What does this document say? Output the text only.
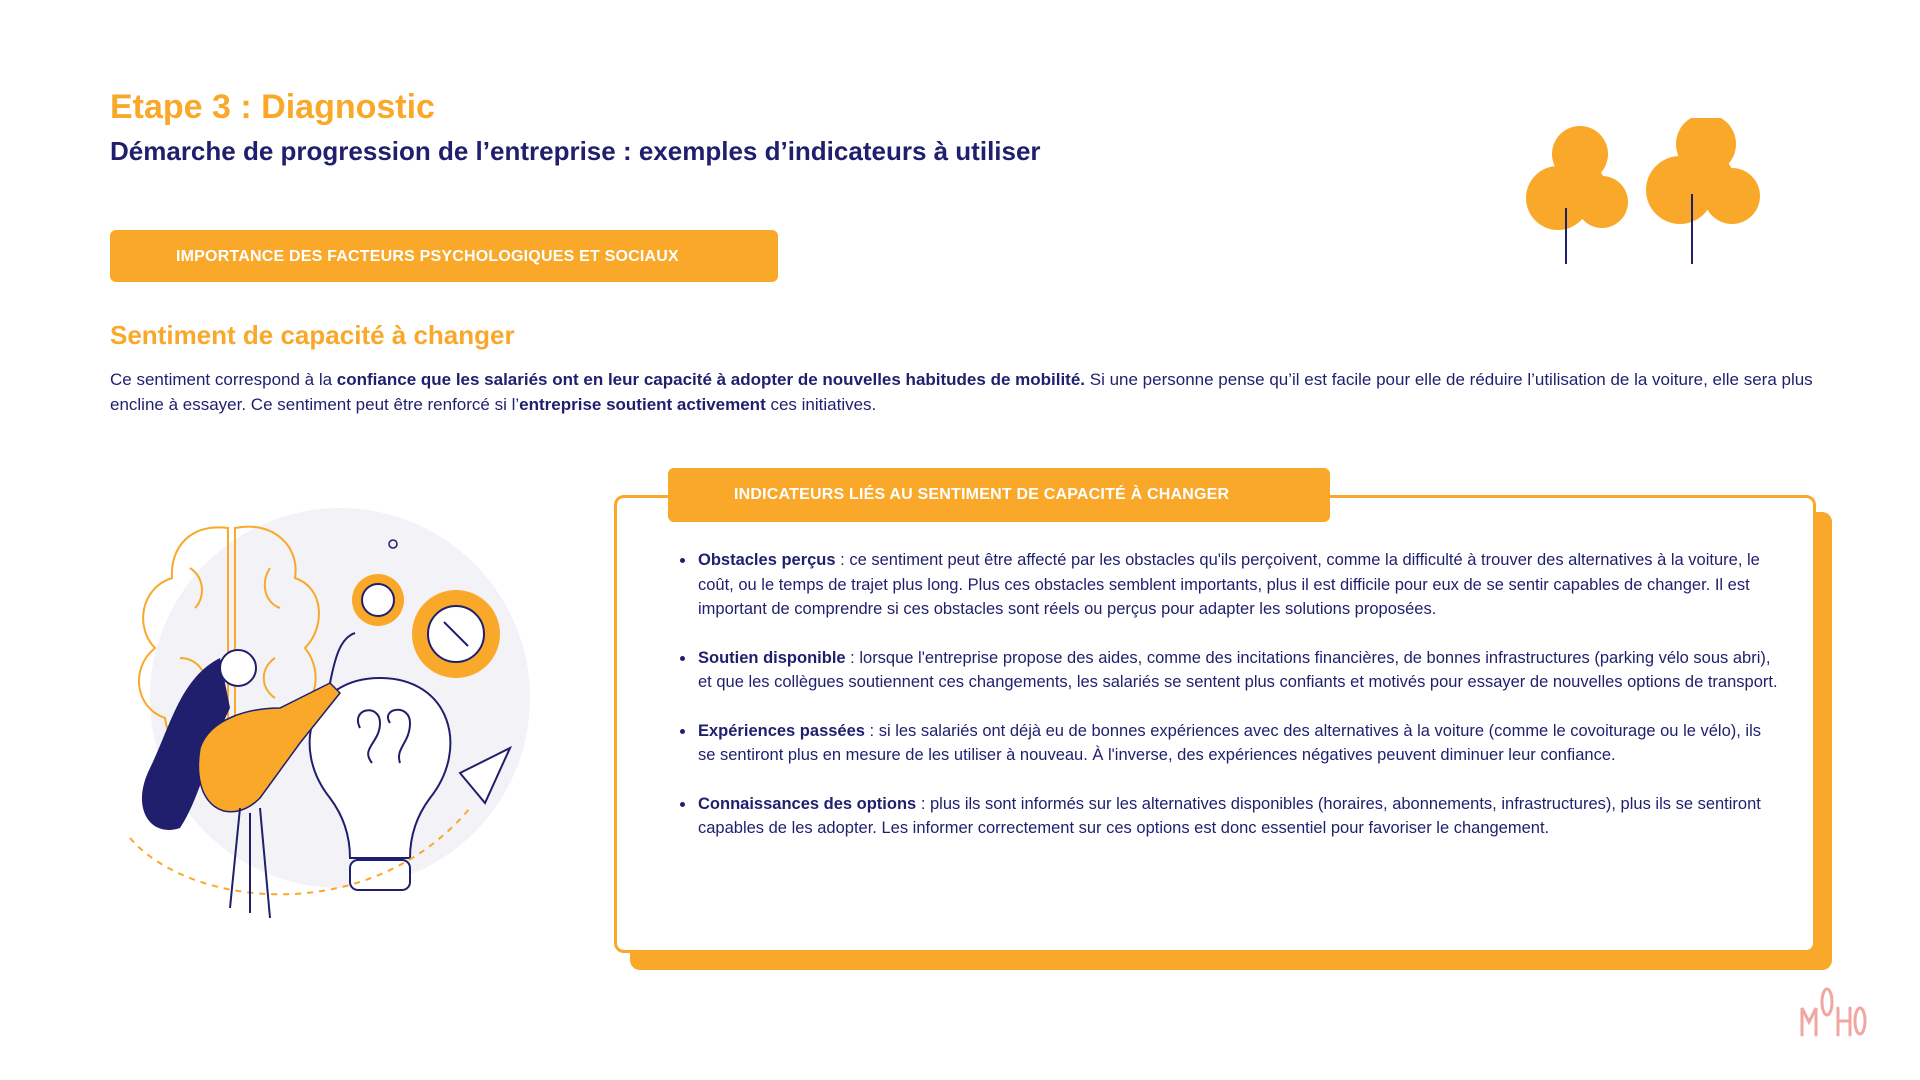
Etape 3 : Diagnostic
Démarche de progression de l’entreprise : exemples d’indicateurs à utiliser
IMPORTANCE DES FACTEURS PSYCHOLOGIQUES ET SOCIAUX
Sentiment de capacité à changer

Ce sentiment correspond à la confiance que les salariés ont en leur capacité à adopter de nouvelles habitudes de mobilité. Si une personne pense qu’il est facile pour elle de réduire l’utilisation de la voiture, elle sera plus encline à essayer. Ce sentiment peut être renforcé si l’entreprise soutient activement ces initiatives.

INDICATEURS LIÉS AU SENTIMENT DE CAPACITÉ À CHANGER
Obstacles perçus : ce sentiment peut être affecté par les obstacles qu'ils perçoivent, comme la difficulté à trouver des alternatives à la voiture, le coût, ou le temps de trajet plus long. Plus ces obstacles semblent importants, plus il est difficile pour eux de se sentir capables de changer. Il est important de comprendre si ces obstacles sont réels ou perçus pour adapter les solutions proposées.
Soutien disponible : lorsque l'entreprise propose des aides, comme des incitations financières, de bonnes infrastructures (parking vélo sous abri), et que les collègues soutiennent ces changements, les salariés se sentent plus confiants et motivés pour essayer de nouvelles options de transport.
Expériences passées : si les salariés ont déjà eu de bonnes expériences avec des alternatives à la voiture (comme le covoiturage ou le vélo), ils se sentiront plus en mesure de les utiliser à nouveau. À l'inverse, des expériences négatives peuvent diminuer leur confiance.
Connaissances des options : plus ils sont informés sur les alternatives disponibles (horaires, abonnements, infrastructures), plus ils se sentiront capables de les adopter. Les informer correctement sur ces options est donc essentiel pour favoriser le changement.
